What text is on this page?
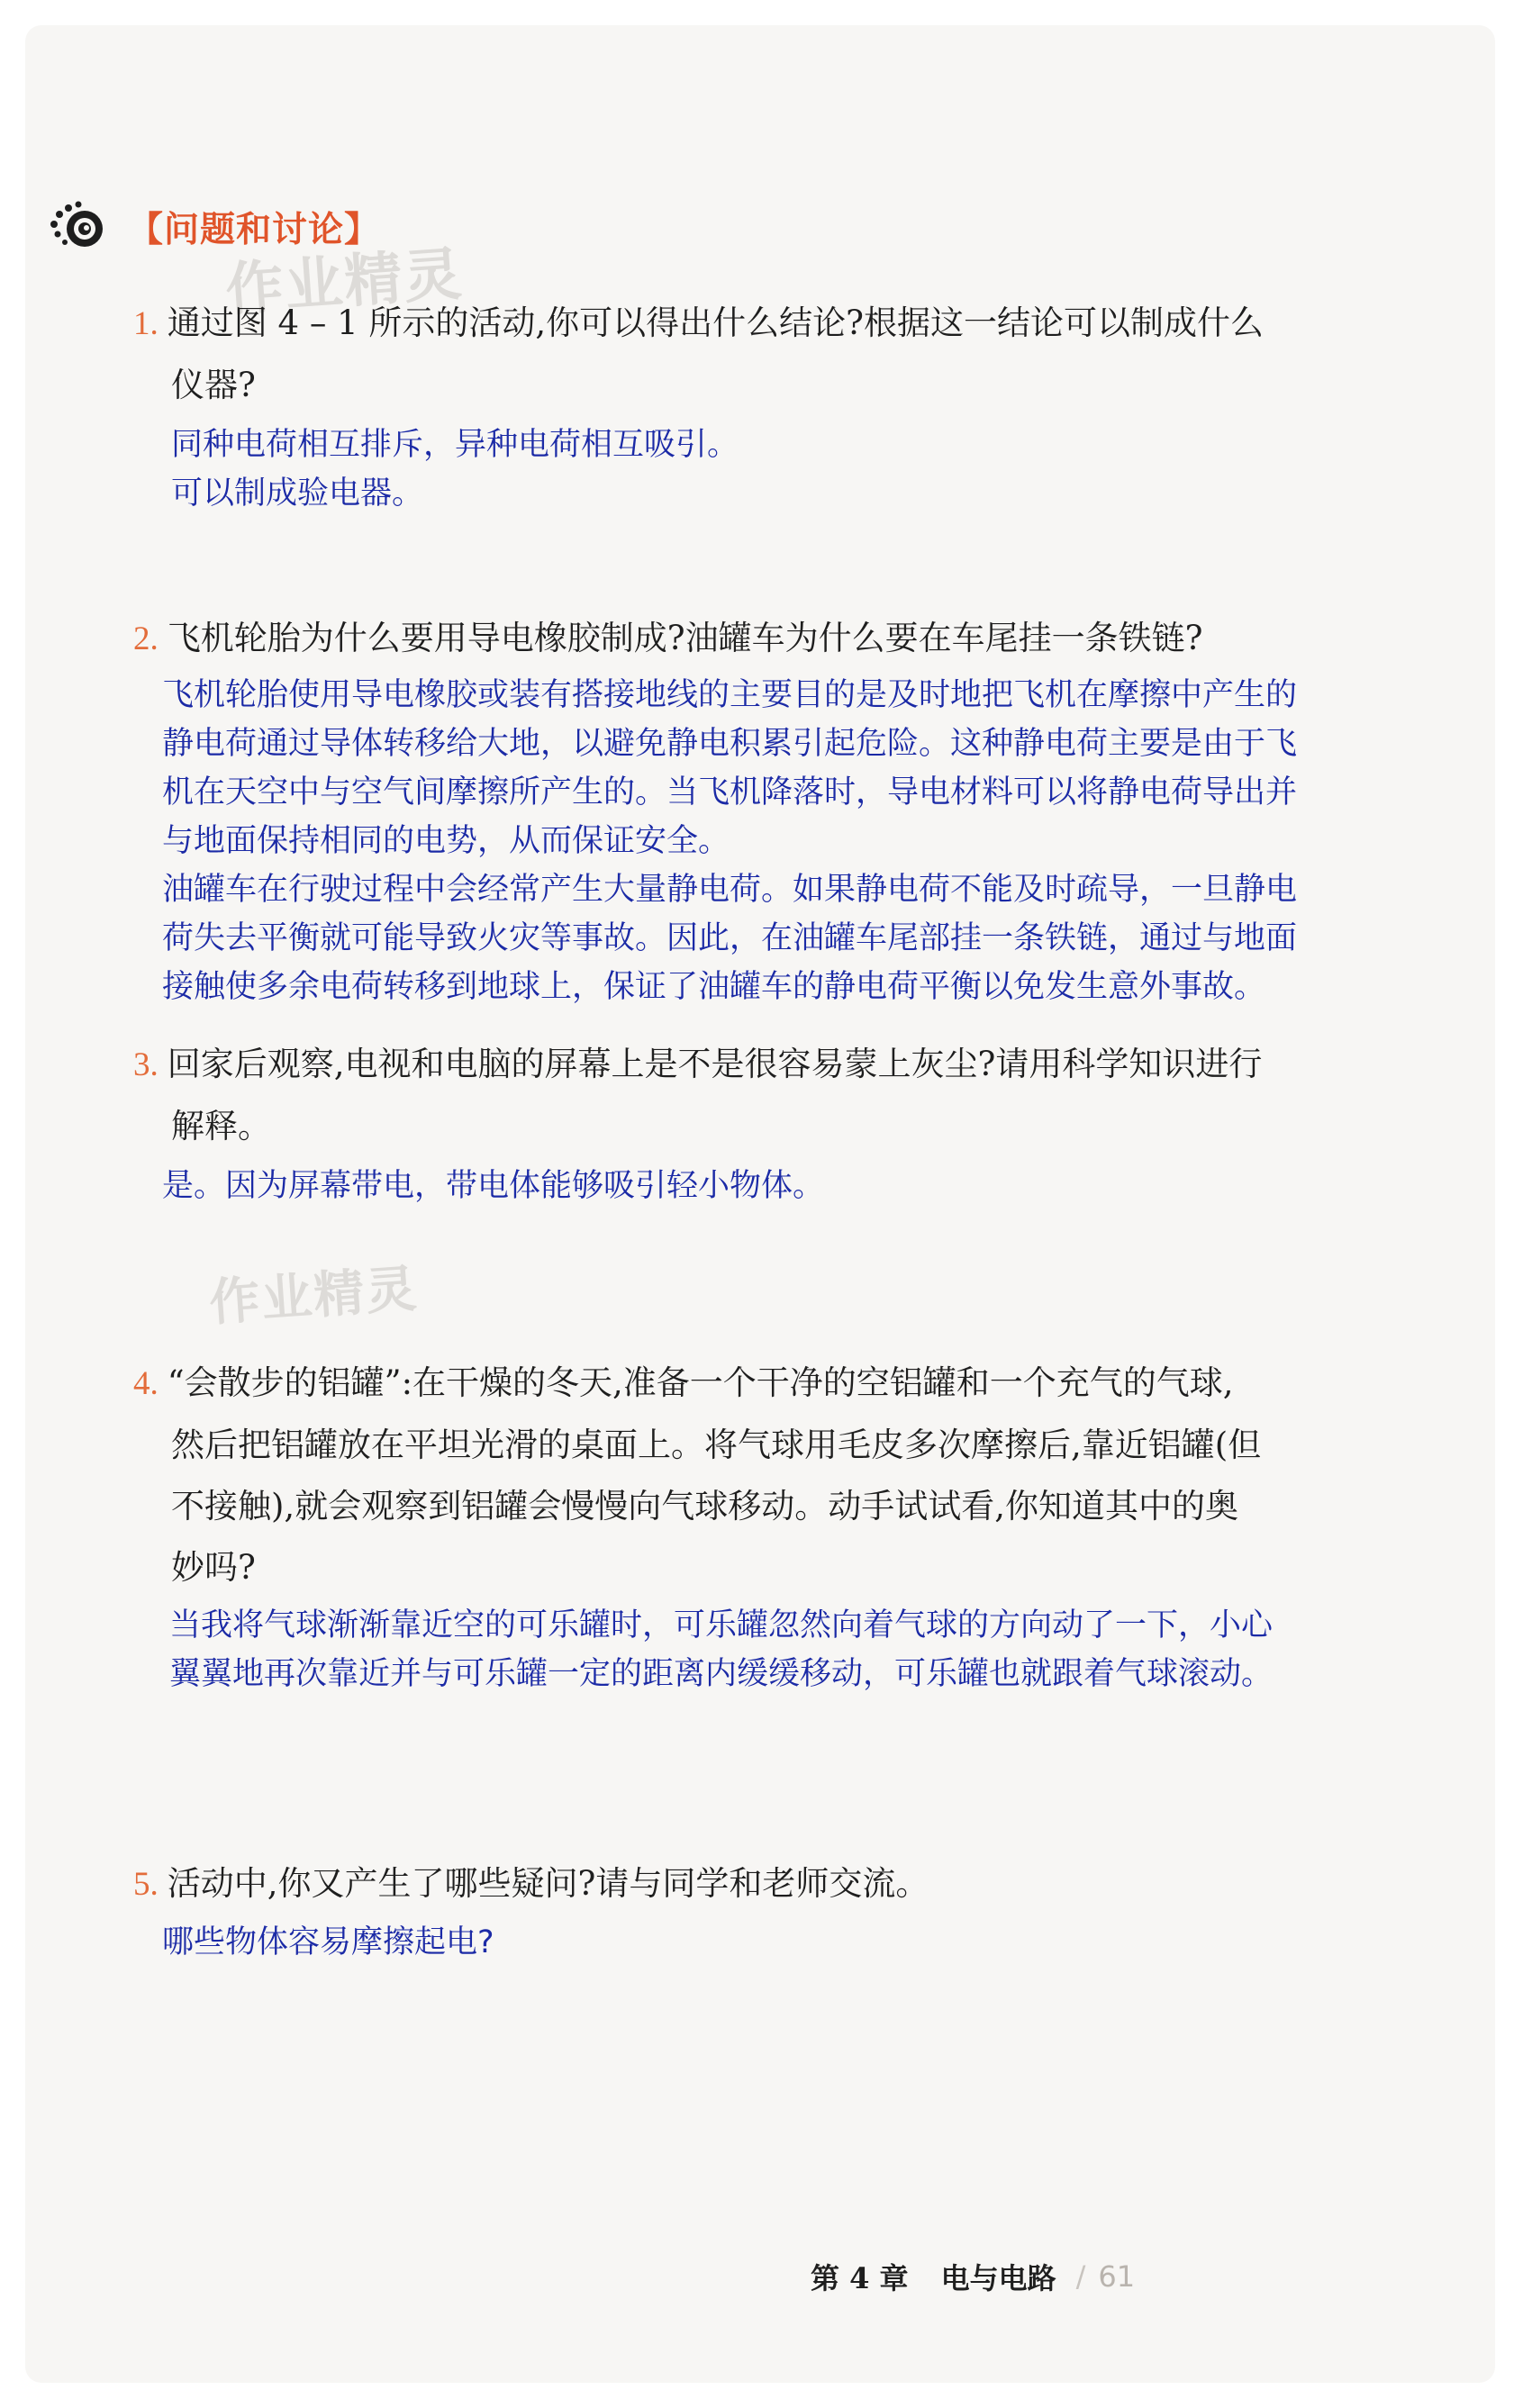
【问题和讨论】
作业精灵
作业精灵
1. 通过图 4 – 1 所示的活动,你可以得出什么结论?根据这一结论可以制成什么
仪器?
同种电荷相互排斥，异种电荷相互吸引。
可以制成验电器。
2. 飞机轮胎为什么要用导电橡胶制成?油罐车为什么要在车尾挂一条铁链?
飞机轮胎使用导电橡胶或装有搭接地线的主要目的是及时地把飞机在摩擦中产生的
静电荷通过导体转移给大地，以避免静电积累引起危险。这种静电荷主要是由于飞
机在天空中与空气间摩擦所产生的。当飞机降落时，导电材料可以将静电荷导出并
与地面保持相同的电势，从而保证安全。
油罐车在行驶过程中会经常产生大量静电荷。如果静电荷不能及时疏导，一旦静电
荷失去平衡就可能导致火灾等事故。因此，在油罐车尾部挂一条铁链，通过与地面
接触使多余电荷转移到地球上，保证了油罐车的静电荷平衡以免发生意外事故。
3. 回家后观察,电视和电脑的屏幕上是不是很容易蒙上灰尘?请用科学知识进行
解释。
是。因为屏幕带电，带电体能够吸引轻小物体。
4. “会散步的铝罐”:在干燥的冬天,准备一个干净的空铝罐和一个充气的气球,
然后把铝罐放在平坦光滑的桌面上。将气球用毛皮多次摩擦后,靠近铝罐(但
不接触),就会观察到铝罐会慢慢向气球移动。动手试试看,你知道其中的奥
妙吗?
当我将气球渐渐靠近空的可乐罐时，可乐罐忽然向着气球的方向动了一下，小心
翼翼地再次靠近并与可乐罐一定的距离内缓缓移动，可乐罐也就跟着气球滚动。
5. 活动中,你又产生了哪些疑问?请与同学和老师交流。
哪些物体容易摩擦起电?
第 4 章 电与电路 / 61
